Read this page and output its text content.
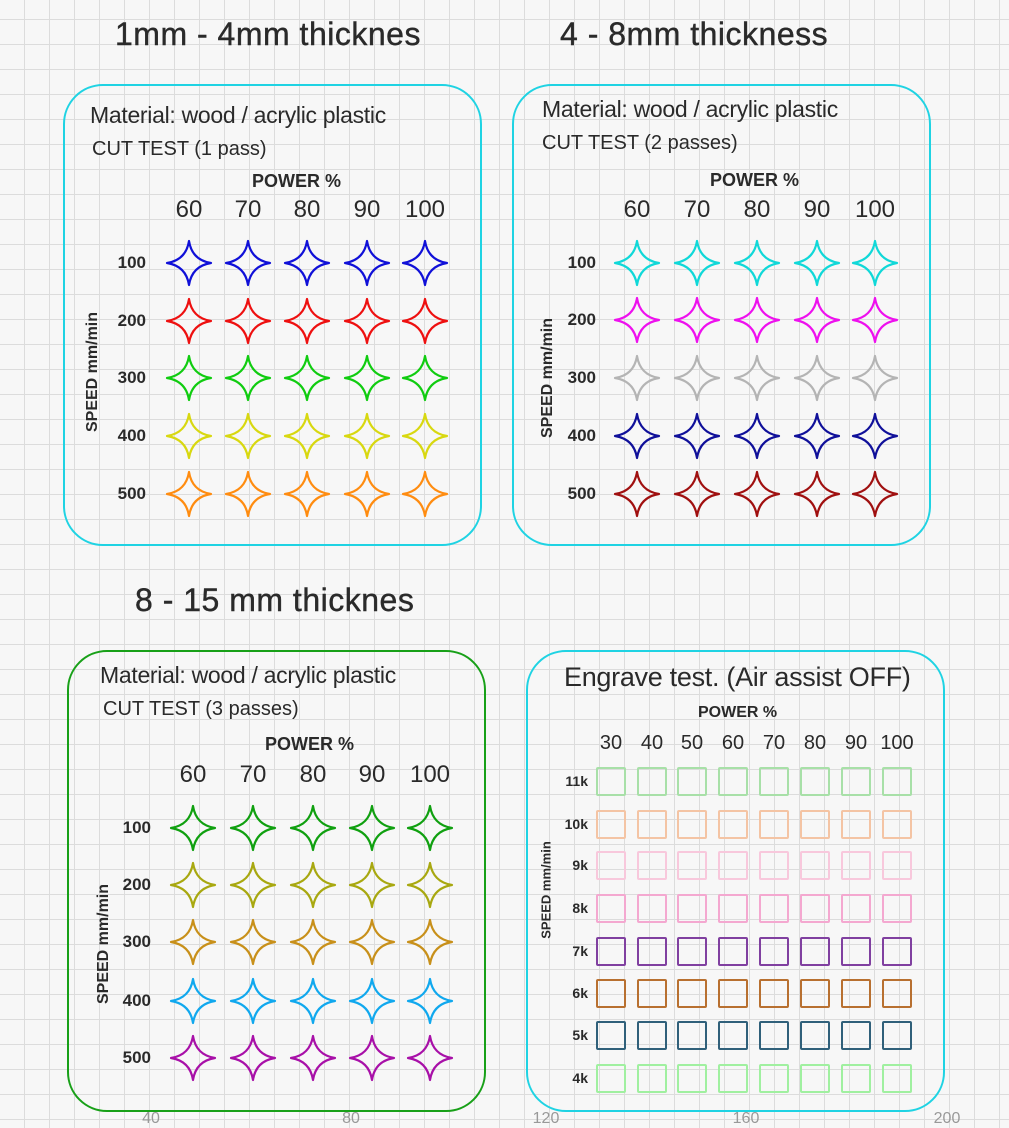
1mm - 4mm thicknes	4 - 8mm thickness
8 - 15 mm thicknes
Material: wood / acrylic plastic
CUT TEST (1 pass)
POWER %
Material: wood / acrylic plastic
CUT TEST (2 passes)
POWER %
Material: wood / acrylic plastic
CUT TEST (3 passes)
POWER %
Engrave test. (Air assist OFF)
POWER %
60 70 80 90 100
100
200
300
400
500
SPEED mm/min
60 70 80 90 100
100
200
300
400
500
SPEED mm/min
60 70 80 90 100
100
200
300
400
500
SPEED mm/min
30 40 50 60 70 80 90 100
11k
10k
9k
8k
7k
6k
5k
4k
SPEED mm/min
40	80	120	160	200
